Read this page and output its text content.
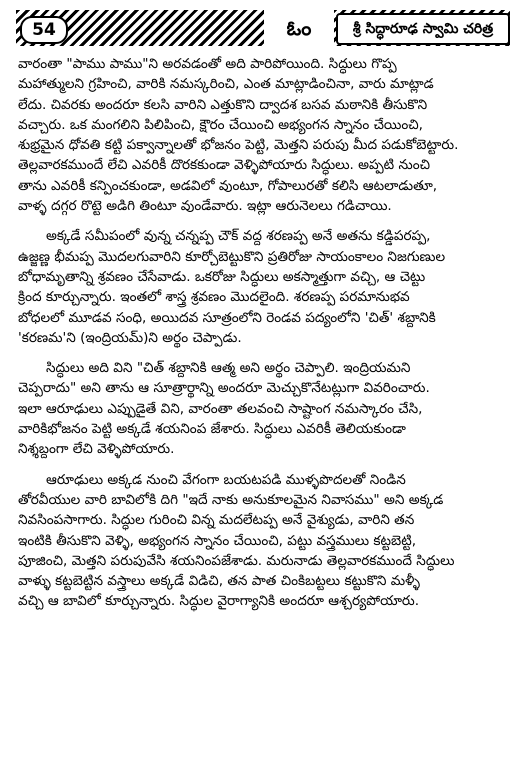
54	ఓం	శ్రీ సిద్ధారూఢ స్వామి చరిత్ర

వారంతా "పాము పాము"ని అరవడంతో అది పారిపోయింది. సిద్ధులు గొప్ప
మహాత్ములని గ్రహించి, వారికి నమస్కరించి, ఎంత మాట్లాడించినా, వారు మాట్లాడ
లేదు. చివరకు అందరూ కలసి వారిని ఎత్తుకొని ద్వాదశ బసవ మఠానికి తీసుకొని
వచ్చారు. ఒక మంగలిని పిలిపించి, క్షౌరం చేయించి అభ్యంగన స్నానం చేయించి,
శుభ్రమైన ధోవతి కట్టి పక్వాన్నాలతో భోజనం పెట్టి, మెత్తని పరుపు మీద పడుకోబెట్టారు.
తెల్లవారకముందే లేచి ఎవరికీ దొరకకుండా వెళ్ళిపోయారు సిద్ధులు. అప్పటి నుంచి
తాను ఎవరికీ కన్పించకుండా, అడవిలో వుంటూ, గోపాలురతో కలిసి ఆటలాడుతూ,
వాళ్ళ దగ్గర రొట్టె అడిగి తింటూ వుండేవారు. ఇట్లా ఆరునెలలు గడిచాయి.

అక్కడే సమీపంలో వున్న చన్నప్ప చౌక్ వద్ద శరణప్ప అనే అతను కడ్డిపరప్ప,
ఉజ్జణ్ణ భీమప్ప మొదలగువారిని కూర్చోబెట్టుకొని ప్రతిరోజు సాయంకాలం నిజగుణుల
బోధామృతాన్ని శ్రవణం చేసేవాడు. ఒకరోజు సిద్ధులు అకస్మాత్తుగా వచ్చి, ఆ చెట్టు
క్రింద కూర్చున్నారు. ఇంతలో శాస్త్ర శ్రవణం మొదలైంది. శరణప్ప పరమానుభవ
బోధలలో మూడవ సంధి, అయిదవ సూత్రంలోని రెండవ పద్యంలోని 'చిత్' శబ్దానికి
'కరణమ'ని (ఇంద్రియమ్)ని అర్థం చెప్పాడు.

సిద్ధులు అది విని "చిత్ శబ్దానికి ఆత్మ అని అర్థం చెప్పాలి. ఇంద్రియమని
చెప్పరాదు" అని తాను ఆ సూత్రార్థాన్ని అందరూ మెచ్చుకొనేటట్లుగా వివరించారు.
ఇలా ఆరూఢులు ఎప్పుడైతే విని, వారంతా తలవంచి సాష్టాంగ నమస్కారం చేసి,
వారికిభోజనం పెట్టి అక్కడే శయనింప జేశారు. సిద్ధులు ఎవరికీ తెలియకుండా
నిశ్శబ్దంగా లేచి వెళ్ళిపోయారు.

ఆరూఢులు అక్కడ నుంచి వేగంగా బయటపడి ముళ్ళపొదలతో నిండిన
తోరవీయుల వారి బావిలోకి దిగి "ఇదే నాకు అనుకూలమైన నివాసము" అని అక్కడ
నివసింపసాగారు. సిద్ధుల గురించి విన్న మదలేటప్ప అనే వైశ్యుడు, వారిని తన
ఇంటికి తీసుకొని వెళ్ళి, అభ్యంగన స్నానం చేయించి, పట్టు వస్త్రములు కట్టబెట్టి,
పూజించి, మెత్తని పరుపువేసి శయనింపజేశాడు. మరునాడు తెల్లవారకముందే సిద్ధులు
వాళ్ళు కట్టబెట్టిన వస్త్రాలు అక్కడే విడిచి, తన పాత చింకిబట్టలు కట్టుకొని మళ్ళీ
వచ్చి ఆ బావిలో కూర్చున్నారు. సిద్ధుల వైరాగ్యానికి అందరూ ఆశ్చర్యపోయారు.
